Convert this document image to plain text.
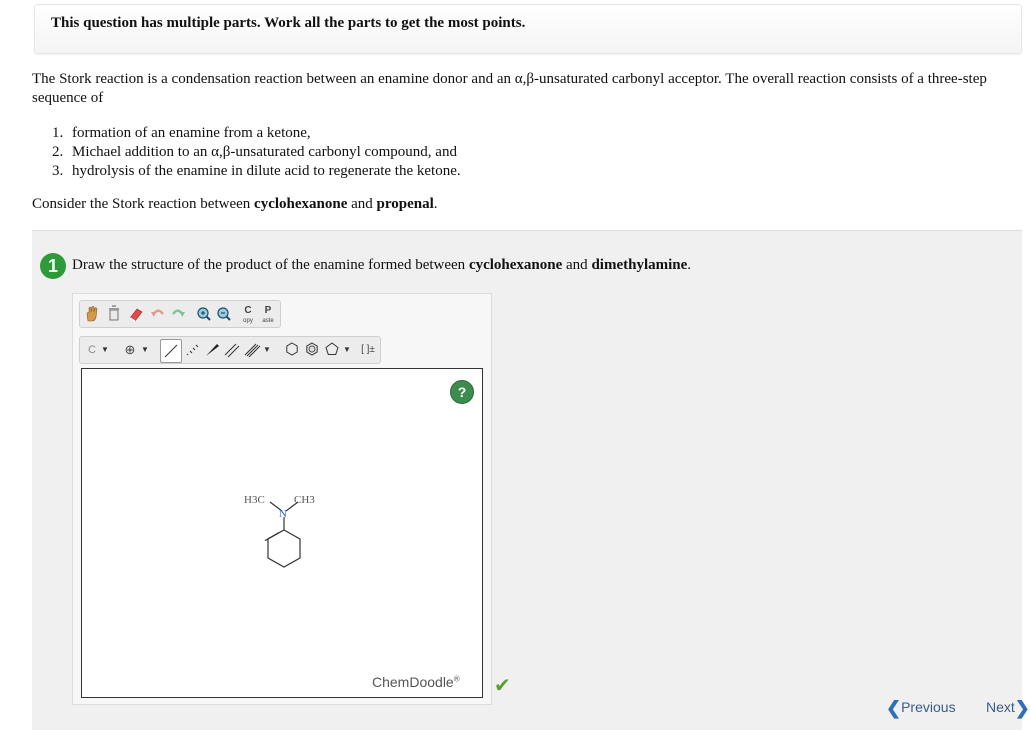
This question has multiple parts. Work all the parts to get the most points.
The Stork reaction is a condensation reaction between an enamine donor and an α,β-unsaturated carbonyl acceptor. The overall reaction consists of a three-step sequence of
1. formation of an enamine from a ketone,
2. Michael addition to an α,β-unsaturated carbonyl compound, and
3. hydrolysis of the enamine in dilute acid to regenerate the ketone.
Consider the Stork reaction between cyclohexanone and propenal.
1 Draw the structure of the product of the enamine formed between cyclohexanone and dimethylamine.
C
opy
P
aste
C ▼	⊕ ▼	▼	▼	[ ]±
?
H3C	CH3
N
ChemDoodle® ✔
❮Previous Next❯
